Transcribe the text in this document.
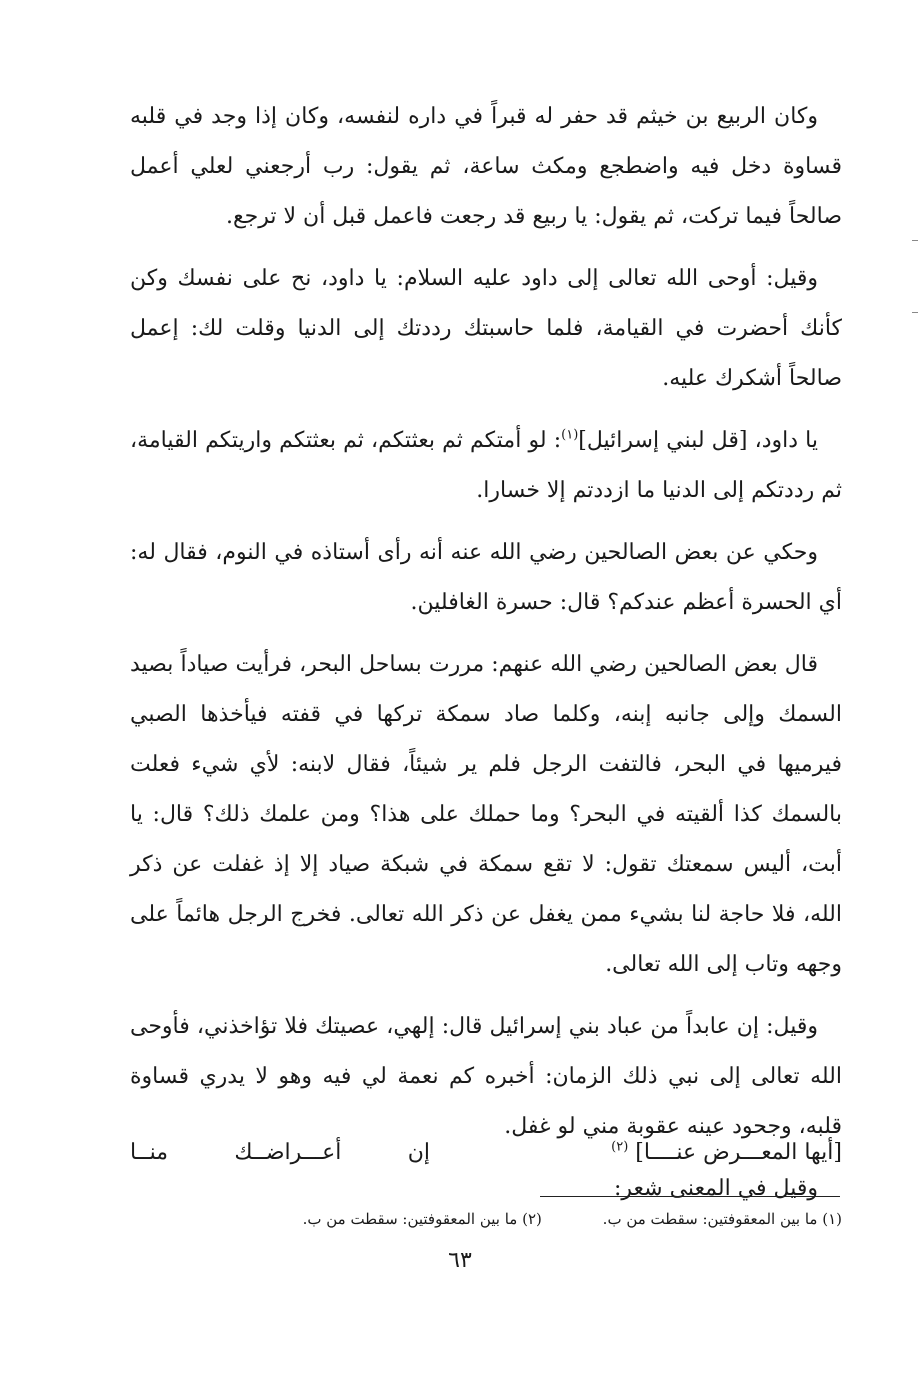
وكان الربيع بن خيثم قد حفر له قبراً في داره لنفسه، وكان إذا وجد في قلبه قساوة دخل فيه واضطجع ومكث ساعة، ثم يقول: رب أرجعني لعلي أعمل صالحاً فيما تركت، ثم يقول: يا ربيع قد رجعت فاعمل قبل أن لا ترجع.

وقيل: أوحى الله تعالى إلى داود عليه السلام: يا داود، نح على نفسك وكن كأنك أحضرت في القيامة، فلما حاسبتك رددتك إلى الدنيا وقلت لك: إعمل صالحاً أشكرك عليه.

يا داود، [قل لبني إسرائيل]$^{(١)}$: لو أمتكم ثم بعثتكم، ثم بعثتكم واريتكم القيامة، ثم رددتكم إلى الدنيا ما ازددتم إلا خسارا.

وحكي عن بعض الصالحين رضي الله عنه أنه رأى أستاذه في النوم، فقال له: أي الحسرة أعظم عندكم؟ قال: حسرة الغافلين.

قال بعض الصالحين رضي الله عنهم: مررت بساحل البحر، فرأيت صياداً بصيد السمك وإلى جانبه إبنه، وكلما صاد سمكة تركها في قفته فيأخذها الصبي فيرميها في البحر، فالتفت الرجل فلم ير شيئاً، فقال لابنه: لأي شيء فعلت بالسمك كذا ألقيته في البحر؟ وما حملك على هذا؟ ومن علمك ذلك؟ قال: يا أبت، أليس سمعتك تقول: لا تقع سمكة في شبكة صياد إلا إذ غفلت عن ذكر الله، فلا حاجة لنا بشيء ممن يغفل عن ذكر الله تعالى. فخرج الرجل هائماً على وجهه وتاب إلى الله تعالى.

وقيل: إن عابداً من عباد بني إسرائيل قال: إلهي، عصيتك فلا تؤاخذني، فأوحى الله تعالى إلى نبي ذلك الزمان: أخبره كم نعمة لي فيه وهو لا يدري قساوة قلبه، وجحود عينه عقوبة مني لو غفل.

وقيل في المعنى شعر:

[أيها المعـــرض عنــــا] $^{(٢)}$
إن أعـــراضــك منــا
(١) ما بين المعقوفتين: سقطت من ب. (٢) ما بين المعقوفتين: سقطت من ب.
٦٣
